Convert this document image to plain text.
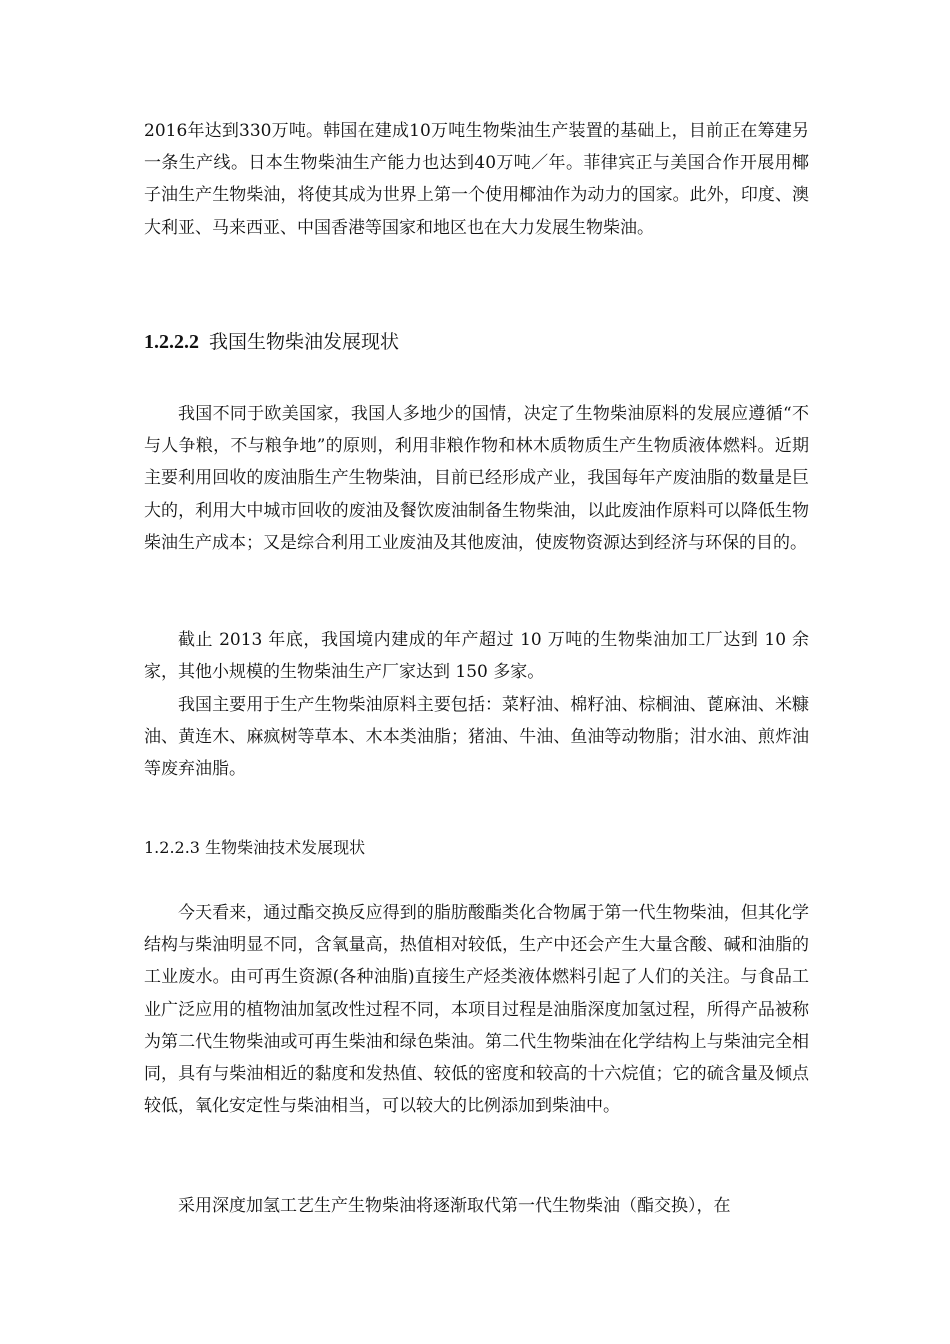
2016年达到330万吨。韩国在建成10万吨生物柴油生产装置的基础上，目前正在筹建另一条生产线。日本生物柴油生产能力也达到40万吨／年。菲律宾正与美国合作开展用椰子油生产生物柴油，将使其成为世界上第一个使用椰油作为动力的国家。此外，印度、澳大利亚、马来西亚、中国香港等国家和地区也在大力发展生物柴油。

1.2.2.2 我国生物柴油发展现状

我国不同于欧美国家，我国人多地少的国情，决定了生物柴油原料的发展应遵循“不与人争粮，不与粮争地”的原则，利用非粮作物和林木质物质生产生物质液体燃料。近期主要利用回收的废油脂生产生物柴油，目前已经形成产业，我国每年产废油脂的数量是巨大的，利用大中城市回收的废油及餐饮废油制备生物柴油，以此废油作原料可以降低生物柴油生产成本；又是综合利用工业废油及其他废油，使废物资源达到经济与环保的目的。

截止 2013 年底，我国境内建成的年产超过 10 万吨的生物柴油加工厂达到 10 余家，其他小规模的生物柴油生产厂家达到 150 多家。

我国主要用于生产生物柴油原料主要包括：菜籽油、棉籽油、棕榈油、蓖麻油、米糠油、黄连木、麻疯树等草本、木本类油脂；猪油、牛油、鱼油等动物脂；泔水油、煎炸油等废弃油脂。

1.2.2.3 生物柴油技术发展现状

今天看来，通过酯交换反应得到的脂肪酸酯类化合物属于第一代生物柴油，但其化学结构与柴油明显不同，含氧量高，热值相对较低，生产中还会产生大量含酸、碱和油脂的工业废水。由可再生资源(各种油脂)直接生产烃类液体燃料引起了人们的关注。与食品工业广泛应用的植物油加氢改性过程不同，本项目过程是油脂深度加氢过程，所得产品被称为第二代生物柴油或可再生柴油和绿色柴油。第二代生物柴油在化学结构上与柴油完全相同，具有与柴油相近的黏度和发热值、较低的密度和较高的十六烷值；它的硫含量及倾点较低，氧化安定性与柴油相当，可以较大的比例添加到柴油中。

采用深度加氢工艺生产生物柴油将逐渐取代第一代生物柴油（酯交换），在
